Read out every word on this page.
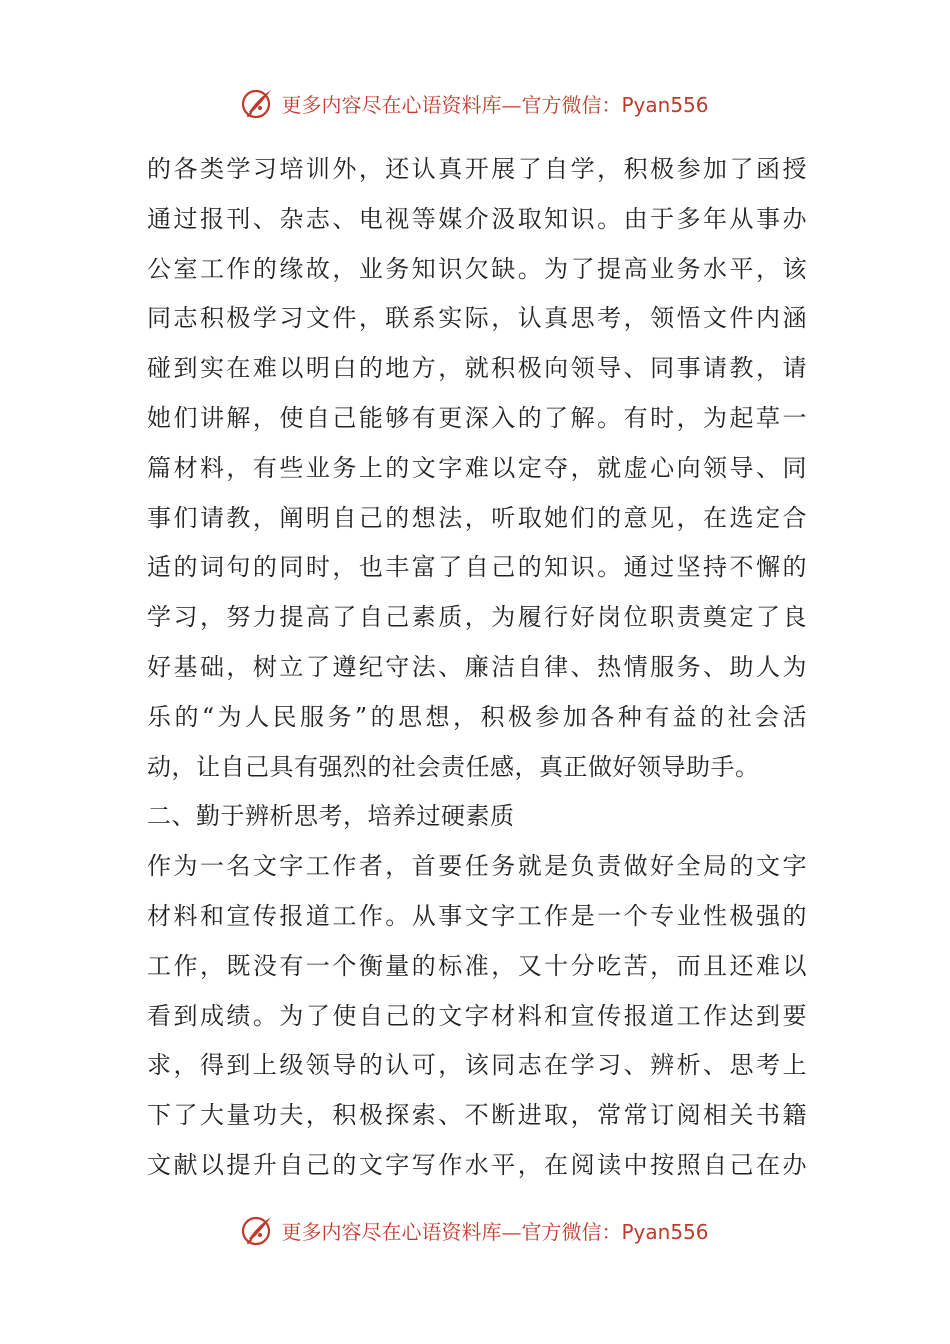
更多内容尽在心语资料库—官方微信：Pyan556
的各类学习培训外，还认真开展了自学，积极参加了函授
通过报刊、杂志、电视等媒介汲取知识。由于多年从事办
公室工作的缘故，业务知识欠缺。为了提高业务水平，该
同志积极学习文件，联系实际，认真思考，领悟文件内涵
碰到实在难以明白的地方，就积极向领导、同事请教，请
她们讲解，使自己能够有更深入的了解。有时，为起草一
篇材料，有些业务上的文字难以定夺，就虚心向领导、同
事们请教，阐明自己的想法，听取她们的意见，在选定合
适的词句的同时，也丰富了自己的知识。通过坚持不懈的
学习，努力提高了自己素质，为履行好岗位职责奠定了良
好基础，树立了遵纪守法、廉洁自律、热情服务、助人为
乐的“为人民服务”的思想，积极参加各种有益的社会活
动，让自己具有强烈的社会责任感，真正做好领导助手。
二、勤于辨析思考，培养过硬素质
作为一名文字工作者，首要任务就是负责做好全局的文字
材料和宣传报道工作。从事文字工作是一个专业性极强的
工作，既没有一个衡量的标准，又十分吃苦，而且还难以
看到成绩。为了使自己的文字材料和宣传报道工作达到要
求，得到上级领导的认可，该同志在学习、辨析、思考上
下了大量功夫，积极探索、不断进取，常常订阅相关书籍
文献以提升自己的文字写作水平，在阅读中按照自己在办
更多内容尽在心语资料库—官方微信：Pyan556
